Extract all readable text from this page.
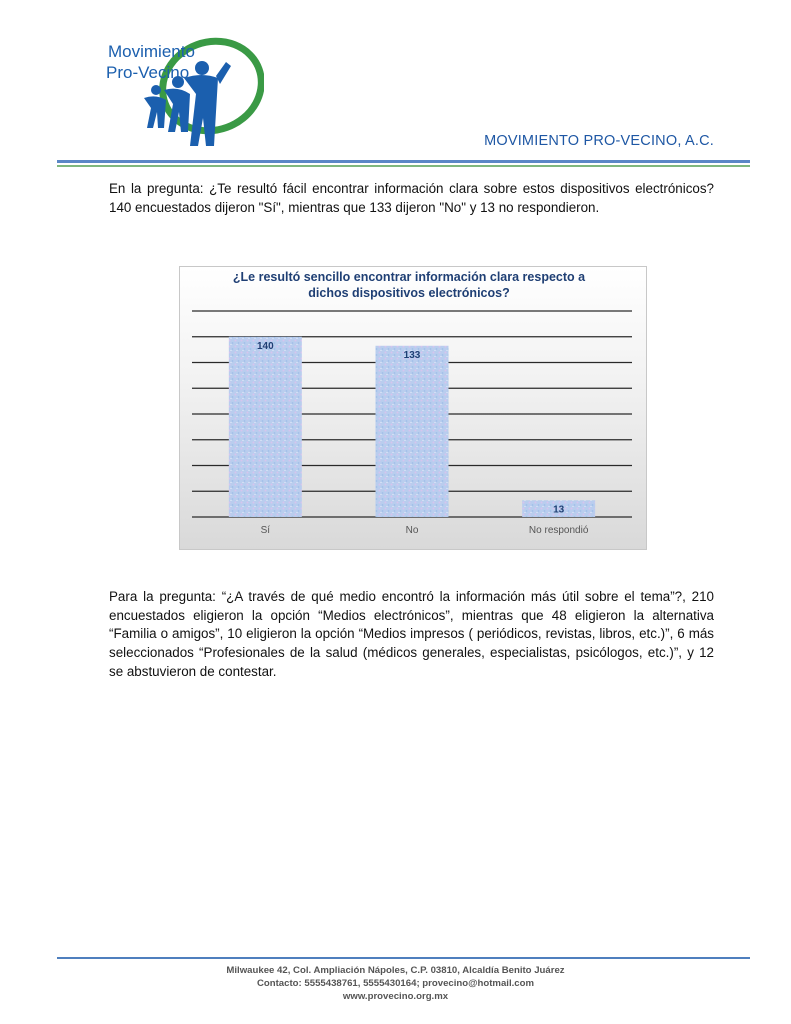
Movimiento
Pro-Vecino
MOVIMIENTO PRO-VECINO, A.C.
En la pregunta: ¿Te resultó fácil encontrar información clara sobre estos dispositivos electrónicos? 140 encuestados dijeron "Sí", mientras que 133 dijeron "No" y 13 no respondieron.
¿Le resultó sencillo encontrar información clara respecto a
dichos dispositivos electrónicos?
140
133
13
Sí	No	No respondió
Para la pregunta: “¿A través de qué medio encontró la información más útil sobre el tema”?, 210 encuestados eligieron la opción “Medios electrónicos”, mientras que 48 eligieron la alternativa “Familia o amigos”, 10 eligieron la opción “Medios impresos ( periódicos, revistas, libros, etc.)”, 6 más seleccionados “Profesionales de la salud (médicos generales, especialistas, psicólogos, etc.)”, y 12 se abstuvieron de contestar.
Milwaukee 42, Col. Ampliación Nápoles, C.P. 03810, Alcaldía Benito Juárez
Contacto: 5555438761, 5555430164; provecino@hotmail.com
www.provecino.org.mx
